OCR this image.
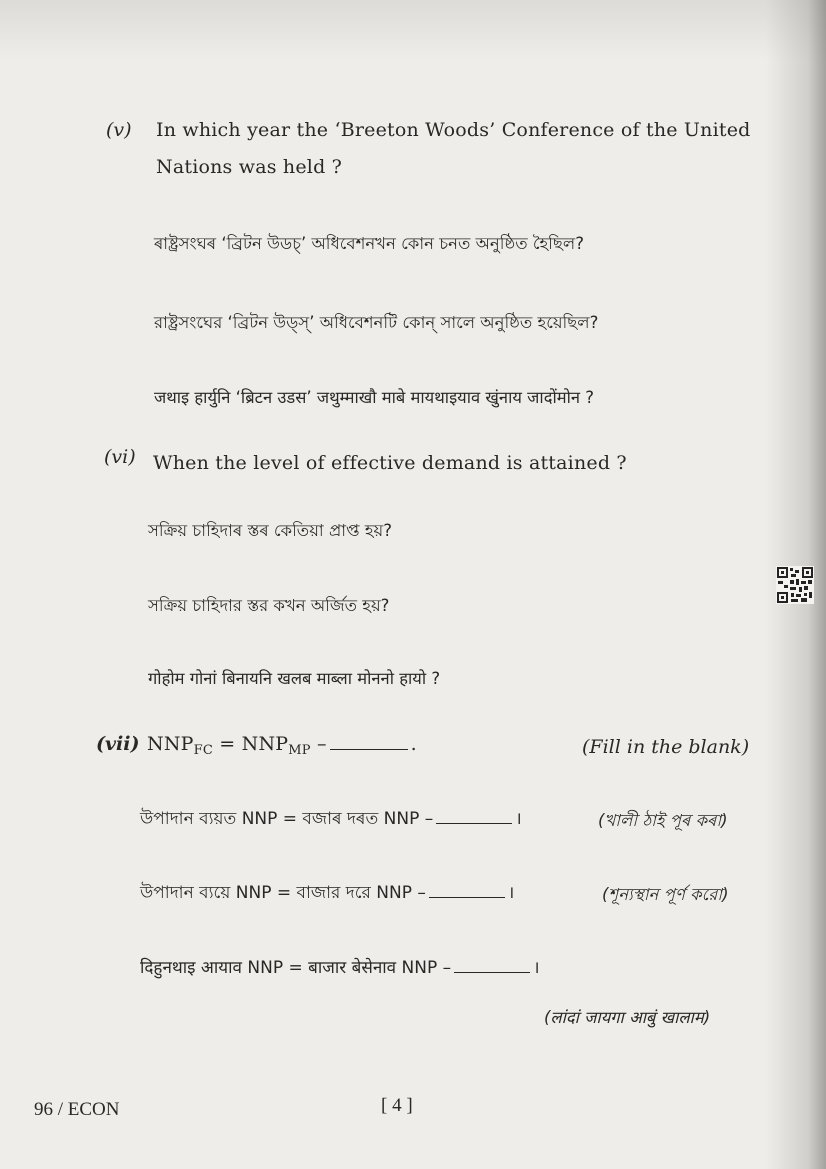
(v) In which year the ‘Breeton Woods’ Conference of the United
Nations was held ?
ৰাষ্ট্ৰসংঘৰ ‘ব্ৰিটন উডচ্’ অধিবেশনখন কোন চনত অনুষ্ঠিত হৈছিল?
রাষ্ট্রসংঘের ‘ব্রিটন উড্‌স্’ অধিবেশনটি কোন্ সালে অনুষ্ঠিত হয়েছিল?
जथाइ हार्युनि ‘ब्रिटन उडस’ जथुम्माखौ माबे मायथाइयाव खुंनाय जादोंमोन ?
(vi) When the level of effective demand is attained ?
সক্ৰিয় চাহিদাৰ স্তৰ কেতিয়া প্ৰাপ্ত হয়?
সক্রিয় চাহিদার স্তর কখন অর্জিত হয়?
गोहोम गोनां बिनायनि खलब माब्ला मोननो हायो ?
(vii) $NNP_{FC} = NNP_{MP}$ –	.	(Fill in the blank)
উপাদান ব্যয়ত NNP = বজাৰ দৰত NNP –	।	(খালী ঠাই পূৰ কৰা)
উপাদান ব্যয়ে NNP = বাজার দরে NNP –	।	(শূন্যস্থান পূর্ণ করো)
दिहुनथाइ आयाव NNP = बाजार बेसेनाव NNP –	।
(लांदां जायगा आबुं खालाम)
96 / ECON	[ 4 ]
